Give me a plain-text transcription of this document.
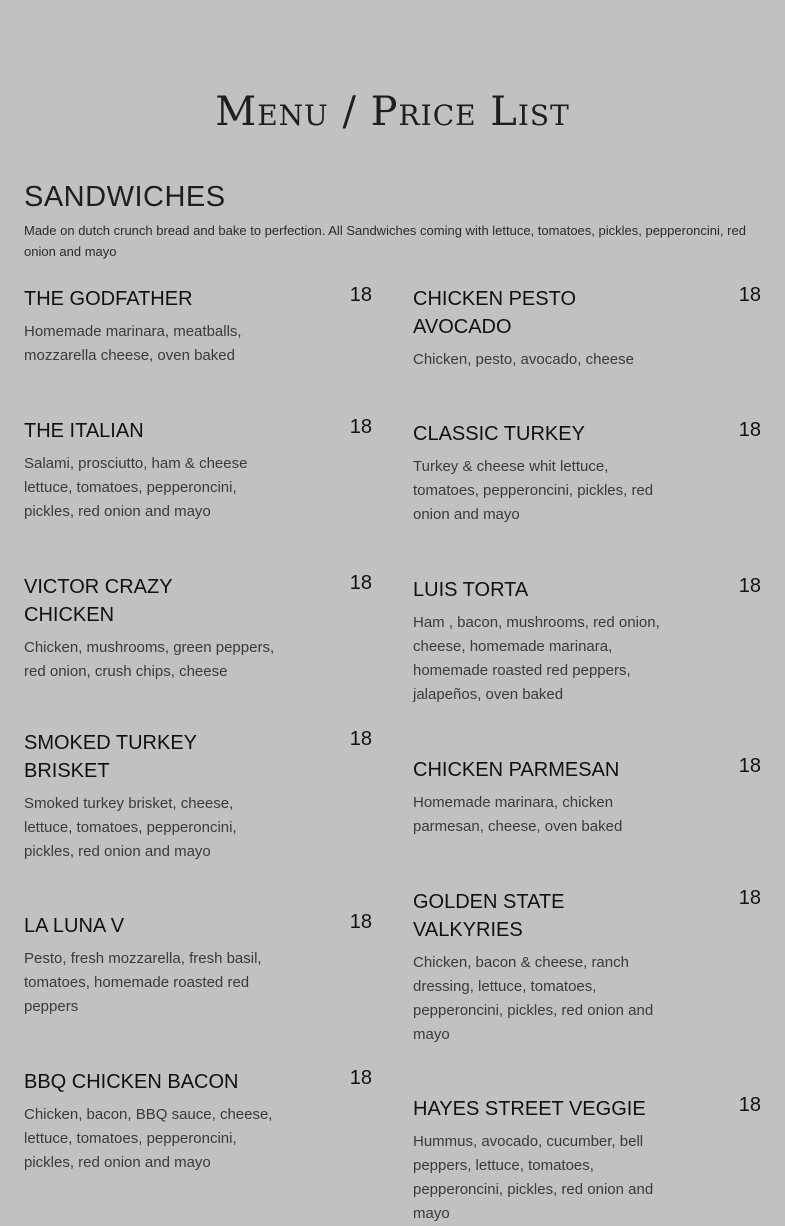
Menu / Price List
SANDWICHES

Made on dutch crunch bread and bake to perfection. All Sandwiches coming with lettuce, tomatoes, pickles, pepperoncini, red onion and mayo

THE GODFATHER	18
Homemade marinara, meatballs, mozzarella cheese, oven baked
THE ITALIAN	18
Salami, prosciutto, ham & cheese lettuce, tomatoes, pepperoncini, pickles, red onion and mayo
VICTOR CRAZY CHICKEN
18
Chicken, mushrooms, green peppers, red onion, crush chips, cheese
SMOKED TURKEY BRISKET
18
Smoked turkey brisket, cheese, lettuce, tomatoes, pepperoncini, pickles, red onion and mayo
LA LUNA V	18
Pesto, fresh mozzarella, fresh basil, tomatoes, homemade roasted red peppers
BBQ CHICKEN BACON	18
Chicken, bacon, BBQ sauce, cheese, lettuce, tomatoes, pepperoncini, pickles, red onion and mayo
CHICKEN PESTO AVOCADO
18
Chicken, pesto, avocado, cheese
CLASSIC TURKEY	18
Turkey & cheese whit lettuce, tomatoes, pepperoncini, pickles, red onion and mayo
LUIS TORTA	18
Ham , bacon, mushrooms, red onion, cheese, homemade marinara, homemade roasted red peppers, jalapeños, oven baked
CHICKEN PARMESAN	18
Homemade marinara, chicken parmesan, cheese, oven baked
GOLDEN STATE VALKYRIES
18
Chicken, bacon & cheese, ranch dressing, lettuce, tomatoes, pepperoncini, pickles, red onion and mayo
HAYES STREET VEGGIE	18
Hummus, avocado, cucumber, bell peppers, lettuce, tomatoes, pepperoncini, pickles, red onion and mayo
